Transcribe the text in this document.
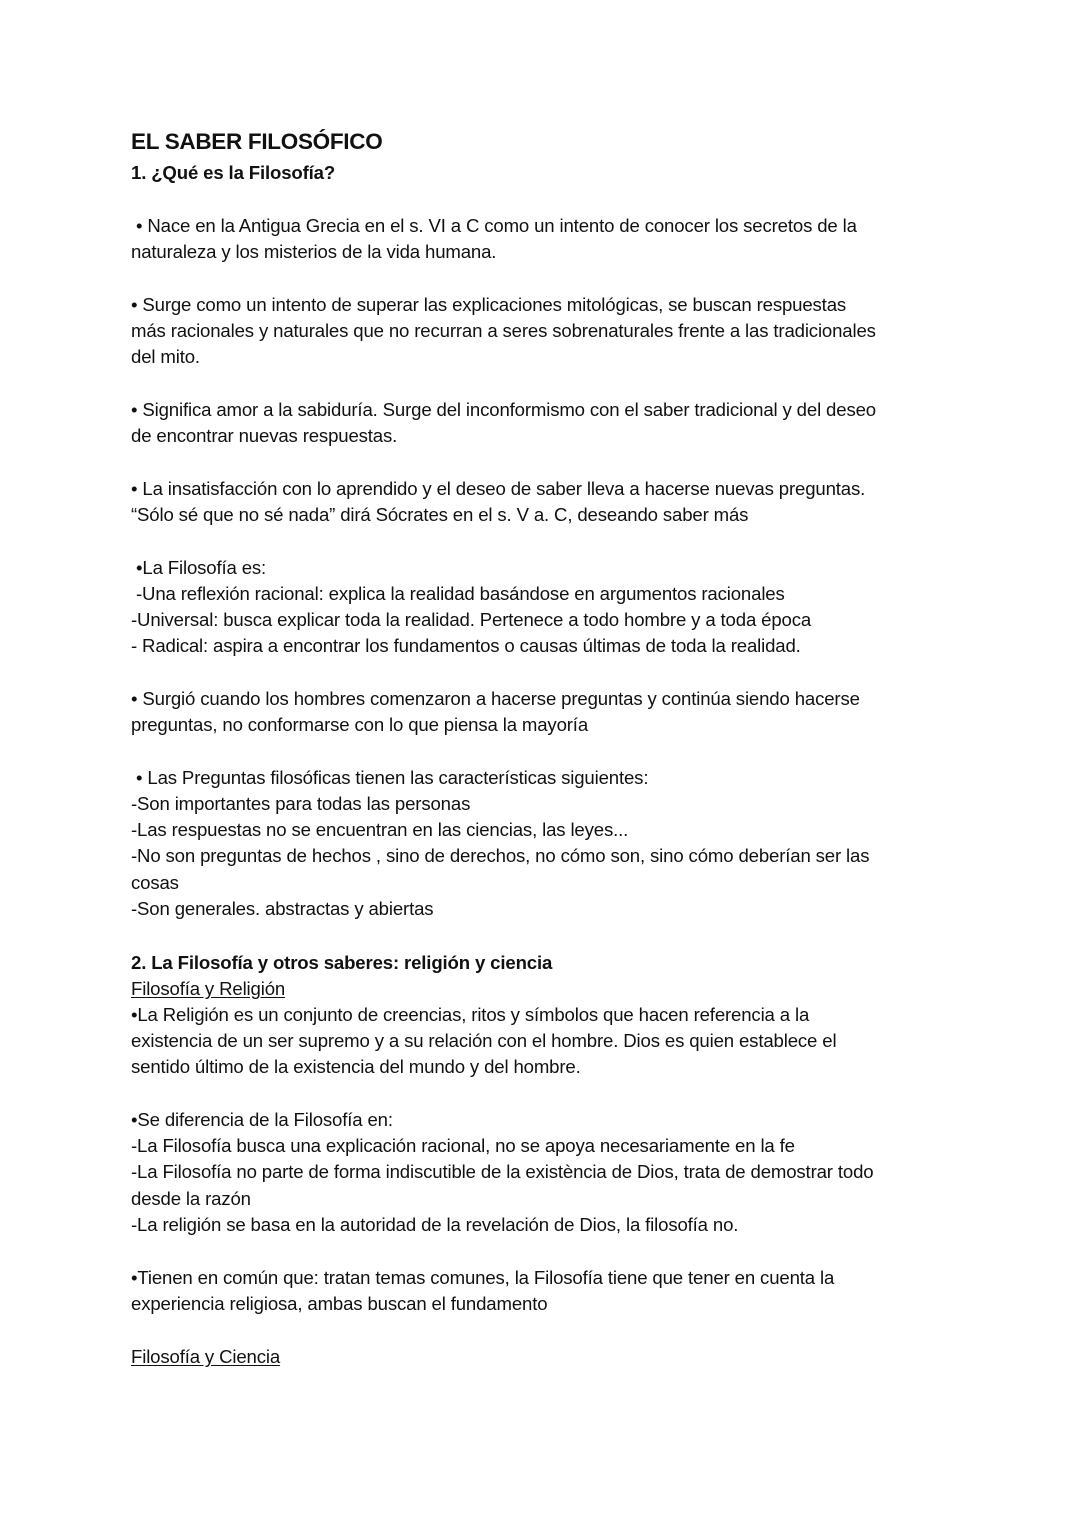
EL SABER FILOSÓFICO
1. ¿Qué es la Filosofía?
• Nace en la Antigua Grecia en el s. VI a C como un intento de conocer los secretos de la
naturaleza y los misterios de la vida humana.
• Surge como un intento de superar las explicaciones mitológicas, se buscan respuestas
más racionales y naturales que no recurran a seres sobrenaturales frente a las tradicionales
del mito.
• Significa amor a la sabiduría. Surge del inconformismo con el saber tradicional y del deseo
de encontrar nuevas respuestas.
• La insatisfacción con lo aprendido y el deseo de saber lleva a hacerse nuevas preguntas.
“Sólo sé que no sé nada” dirá Sócrates en el s. V a. C, deseando saber más
•La Filosofía es:
-Una reflexión racional: explica la realidad basándose en argumentos racionales
-Universal: busca explicar toda la realidad. Pertenece a todo hombre y a toda época
- Radical: aspira a encontrar los fundamentos o causas últimas de toda la realidad.
• Surgió cuando los hombres comenzaron a hacerse preguntas y continúa siendo hacerse
preguntas, no conformarse con lo que piensa la mayoría
• Las Preguntas filosóficas tienen las características siguientes:
-Son importantes para todas las personas
-Las respuestas no se encuentran en las ciencias, las leyes...
-No son preguntas de hechos , sino de derechos, no cómo son, sino cómo deberían ser las
cosas
-Son generales. abstractas y abiertas
2. La Filosofía y otros saberes: religión y ciencia
Filosofía y Religión
•La Religión es un conjunto de creencias, ritos y símbolos que hacen referencia a la
existencia de un ser supremo y a su relación con el hombre. Dios es quien establece el
sentido último de la existencia del mundo y del hombre.
•Se diferencia de la Filosofía en:
-La Filosofía busca una explicación racional, no se apoya necesariamente en la fe
-La Filosofía no parte de forma indiscutible de la existència de Dios, trata de demostrar todo
desde la razón
-La religión se basa en la autoridad de la revelación de Dios, la filosofía no.
•Tienen en común que: tratan temas comunes, la Filosofía tiene que tener en cuenta la
experiencia religiosa, ambas buscan el fundamento
Filosofía y Ciencia
